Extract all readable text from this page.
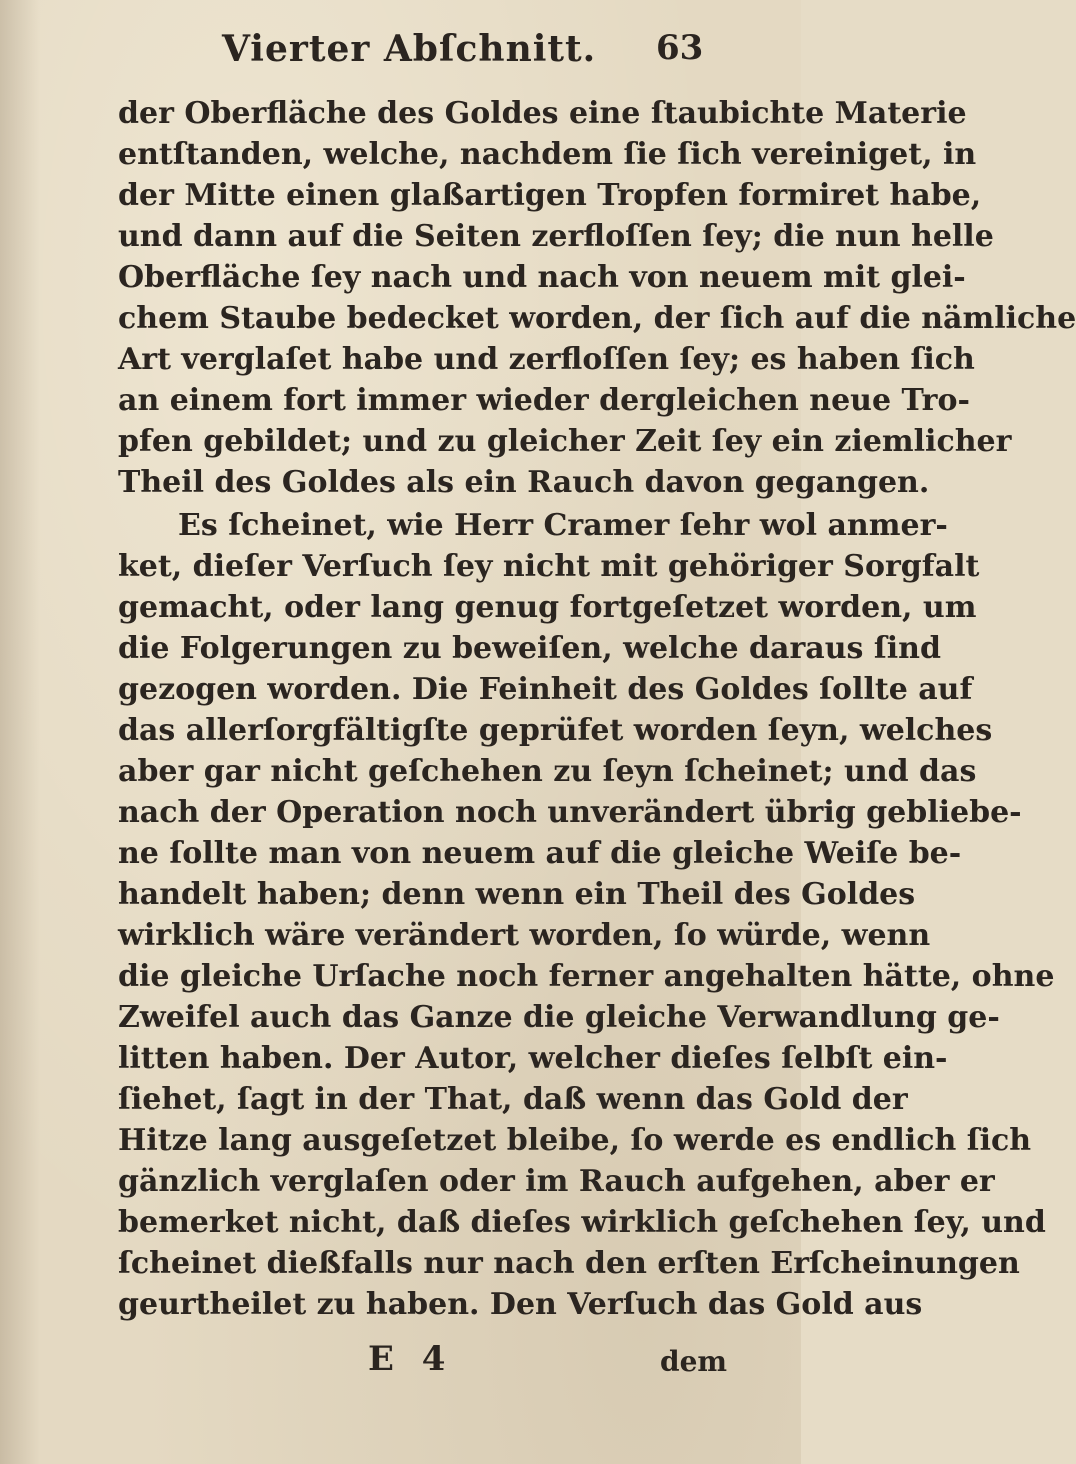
Vierter Abſchnitt. 63
der Oberfläche des Goldes eine ſtaubichte Materie
entſtanden, welche, nachdem ſie ſich vereiniget, in
der Mitte einen glaßartigen Tropfen formiret habe,
und dann auf die Seiten zerfloſſen ſey; die nun helle
Oberfläche ſey nach und nach von neuem mit glei-
chem Staube bedecket worden, der ſich auf die nämliche
Art verglaſet habe und zerfloſſen ſey; es haben ſich
an einem fort immer wieder dergleichen neue Tro-
pfen gebildet; und zu gleicher Zeit ſey ein ziemlicher
Theil des Goldes als ein Rauch davon gegangen.
Es ſcheinet, wie Herr Cramer ſehr wol anmer-
ket, dieſer Verſuch ſey nicht mit gehöriger Sorgfalt
gemacht, oder lang genug fortgeſetzet worden, um
die Folgerungen zu beweiſen, welche daraus ſind
gezogen worden. Die Feinheit des Goldes ſollte auf
das allerſorgfältigſte geprüfet worden ſeyn, welches
aber gar nicht geſchehen zu ſeyn ſcheinet; und das
nach der Operation noch unverändert übrig gebliebe-
ne ſollte man von neuem auf die gleiche Weiſe be-
handelt haben; denn wenn ein Theil des Goldes
wirklich wäre verändert worden, ſo würde, wenn
die gleiche Urſache noch ferner angehalten hätte, ohne
Zweifel auch das Ganze die gleiche Verwandlung ge-
litten haben. Der Autor, welcher dieſes ſelbſt ein-
ſiehet, ſagt in der That, daß wenn das Gold der
Hitze lang ausgeſetzet bleibe, ſo werde es endlich ſich
gänzlich verglaſen oder im Rauch aufgehen, aber er
bemerket nicht, daß dieſes wirklich geſchehen ſey, und
ſcheinet dießfalls nur nach den erſten Erſcheinungen
geurtheilet zu haben. Den Verſuch das Gold aus
E 4	dem
